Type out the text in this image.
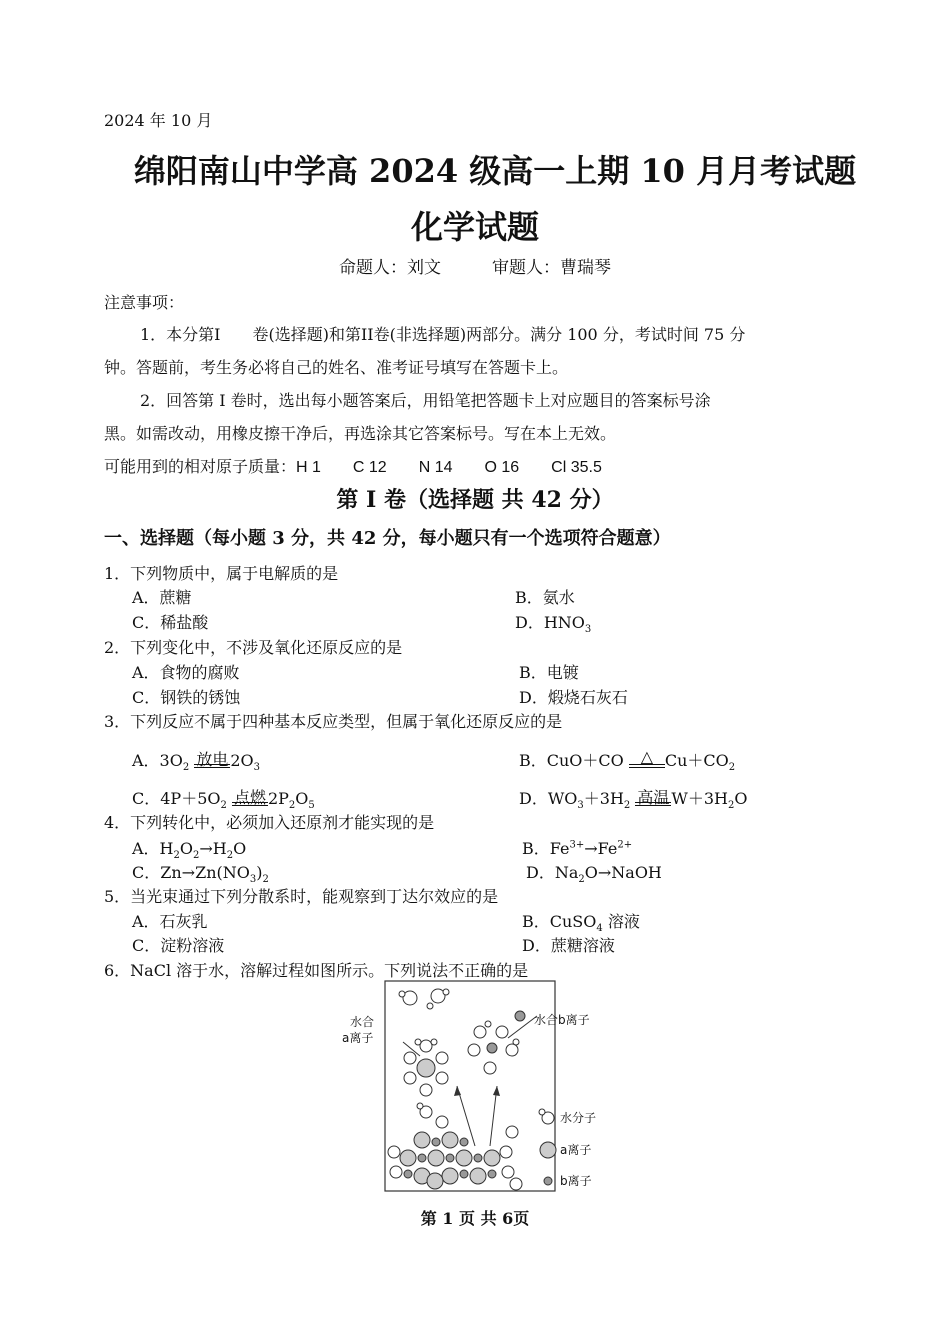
2024 年 10 月
绵阳南山中学高 2024 级高一上期 10 月月考试题
化学试题
命题人：刘文　　　审题人：曹瑞琴
注意事项：
1．本分第I　　卷(选择题)和第II卷(非选择题)两部分。满分 100 分，考试时间 75 分
钟。答题前，考生务必将自己的姓名、准考证号填写在答题卡上。
2．回答第 I 卷时，选出每小题答案后，用铅笔把答题卡上对应题目的答案标号涂
黑。如需改动，用橡皮擦干净后，再选涂其它答案标号。写在本上无效。
可能用到的相对原子质量：H 1　　C 12　　N 14　　O 16　　Cl 35.5
第 I 卷（选择题 共 42 分）
一、选择题（每小题 3 分，共 42 分，每小题只有一个选项符合题意）
1．下列物质中，属于电解质的是
A．蔗糖	B．氨水
C．稀盐酸	D．$HNO_3$
2．下列变化中，不涉及氧化还原反应的是
A．食物的腐败	B．电镀
C．钢铁的锈蚀	D．煅烧石灰石
3．下列反应不属于四种基本反应类型，但属于氧化还原反应的是
A．$3O_2$ 放电 $2O_3$	B．CuO＋CO △ $Cu+CO_2$
C．$4P+5O_2$ 点燃 $2P_2O_5$	D．$WO_3+3H_2$ 高温 $W+3H_2O$
4．下列转化中，必须加入还原剂才能实现的是
A．$H_2O_2\to H_2O$	B．$Fe^{3+}\to Fe^{2+}$
C．$Zn\to Zn(NO_3)_2$	D．$Na_2O\to NaOH$
5．当光束通过下列分散系时，能观察到丁达尔效应的是
A．石灰乳	B．CuSO$_4$ 溶液
C．淀粉溶液	D．蔗糖溶液
6．NaCl 溶于水，溶解过程如图所示。下列说法不正确的是
水合
a离子
水合b离子
水分子
a离子
b离子
第 1 页 共 6页
